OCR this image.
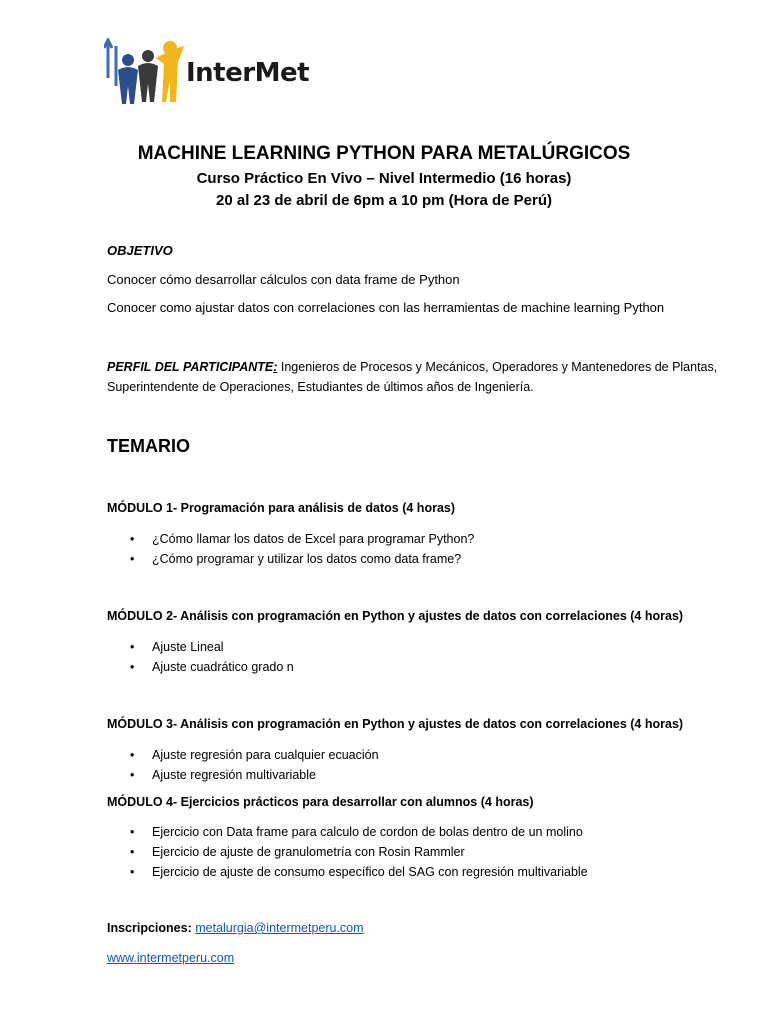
InterMet
MACHINE LEARNING PYTHON PARA METALÚRGICOS
Curso Práctico En Vivo – Nivel Intermedio (16 horas)
20 al 23 de abril de 6pm a 10 pm (Hora de Perú)
OBJETIVO
Conocer cómo desarrollar cálculos con data frame de Python
Conocer como ajustar datos con correlaciones con las herramientas de machine learning Python
PERFIL DEL PARTICIPANTE: Ingenieros de Procesos y Mecánicos, Operadores y Mantenedores de Plantas, Superintendente de Operaciones, Estudiantes de últimos años de Ingeniería.
TEMARIO
MÓDULO 1- Programación para análisis de datos (4 horas)
• ¿Cómo llamar los datos de Excel para programar Python?
• ¿Cómo programar y utilizar los datos como data frame?
MÓDULO 2- Análisis con programación en Python y ajustes de datos con correlaciones (4 horas)
• Ajuste Lineal
• Ajuste cuadrático grado n
MÓDULO 3- Análisis con programación en Python y ajustes de datos con correlaciones (4 horas)
• Ajuste regresión para cualquier ecuación
• Ajuste regresión multivariable
MÓDULO 4- Ejercicios prácticos para desarrollar con alumnos (4 horas)
• Ejercicio con Data frame para calculo de cordon de bolas dentro de un molino
• Ejercicio de ajuste de granulometría con Rosin Rammler
• Ejercicio de ajuste de consumo específico del SAG con regresión multivariable
Inscripciones: metalurgia@intermetperu.com
www.intermetperu.com
